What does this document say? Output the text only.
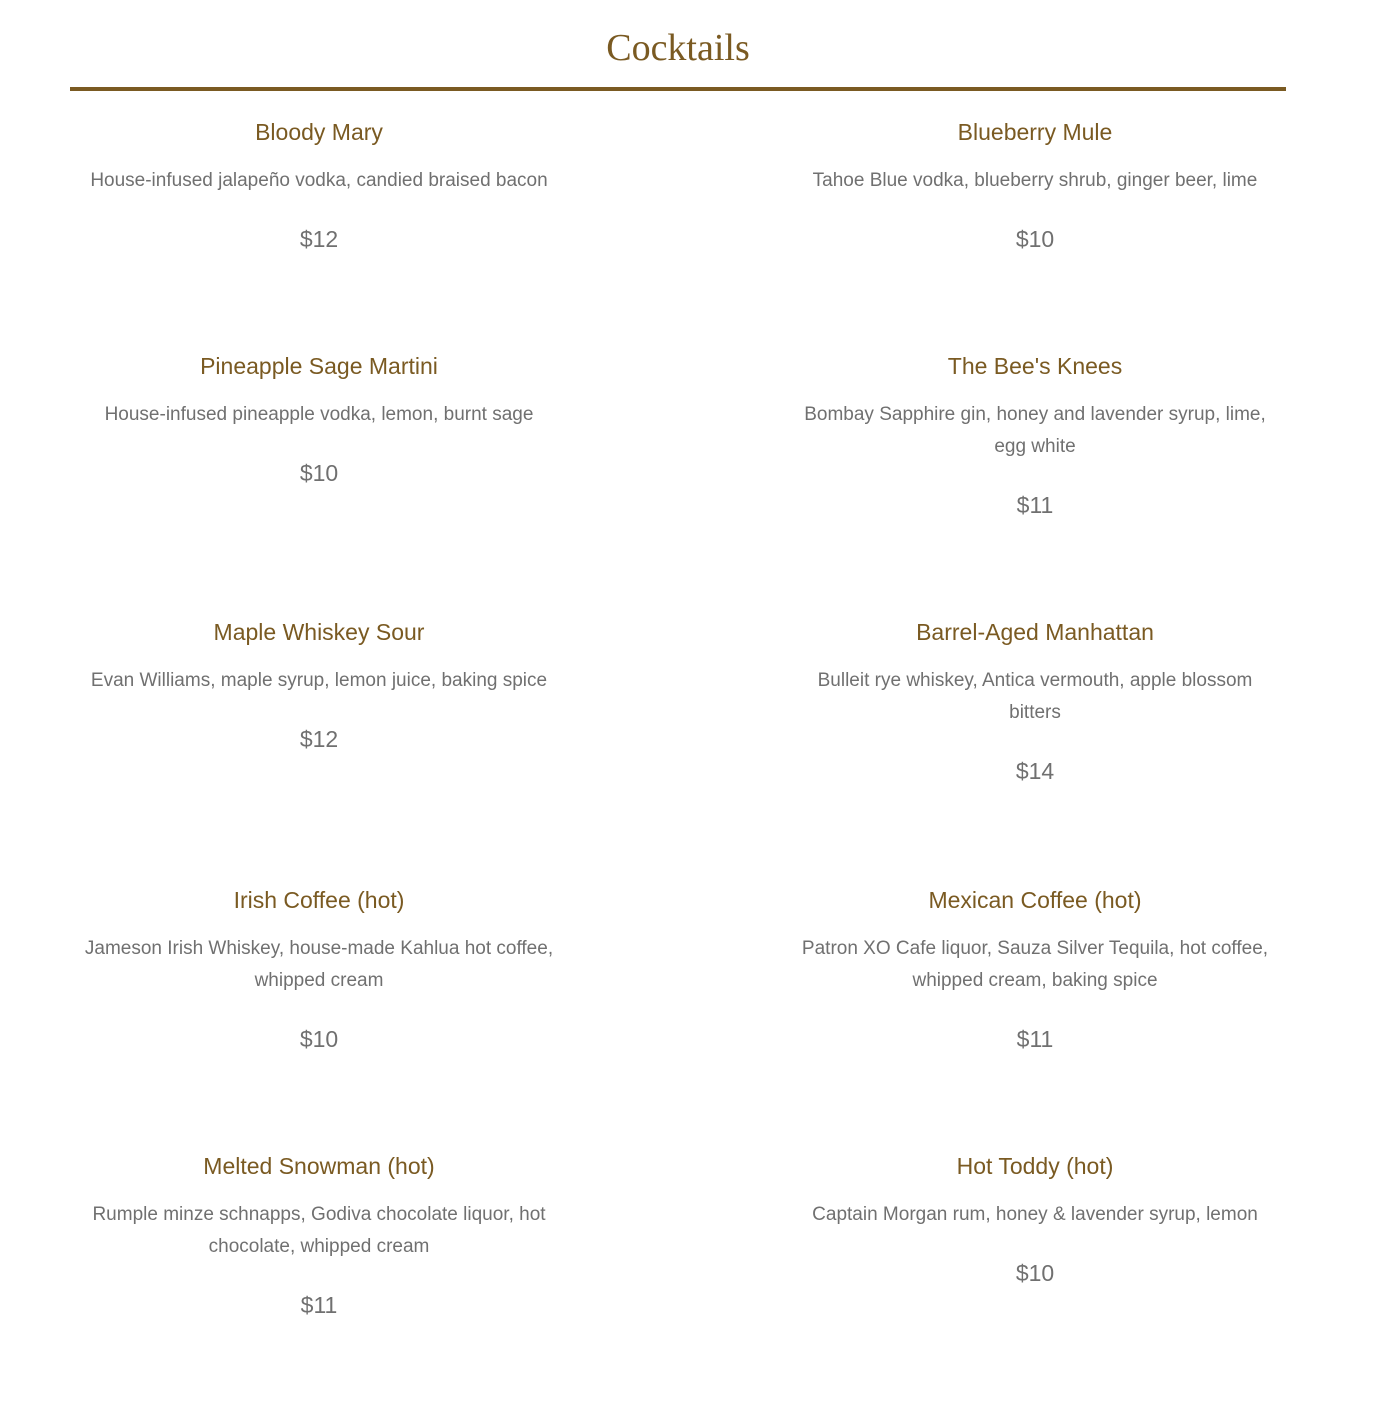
Cocktails
Bloody Mary
House-infused jalapeño vodka, candied braised bacon
$12
Blueberry Mule
Tahoe Blue vodka, blueberry shrub, ginger beer, lime
$10
Pineapple Sage Martini
House-infused pineapple vodka, lemon, burnt sage
$10
The Bee's Knees
Bombay Sapphire gin, honey and lavender syrup, lime, egg white
$11
Maple Whiskey Sour
Evan Williams, maple syrup, lemon juice, baking spice
$12
Barrel-Aged Manhattan
Bulleit rye whiskey, Antica vermouth, apple blossom bitters
$14
Irish Coffee (hot)
Jameson Irish Whiskey, house-made Kahlua hot coffee, whipped cream
$10
Mexican Coffee (hot)
Patron XO Cafe liquor, Sauza Silver Tequila, hot coffee, whipped cream, baking spice
$11
Melted Snowman (hot)
Rumple minze schnapps, Godiva chocolate liquor, hot chocolate, whipped cream
$11
Hot Toddy (hot)
Captain Morgan rum, honey & lavender syrup, lemon
$10
